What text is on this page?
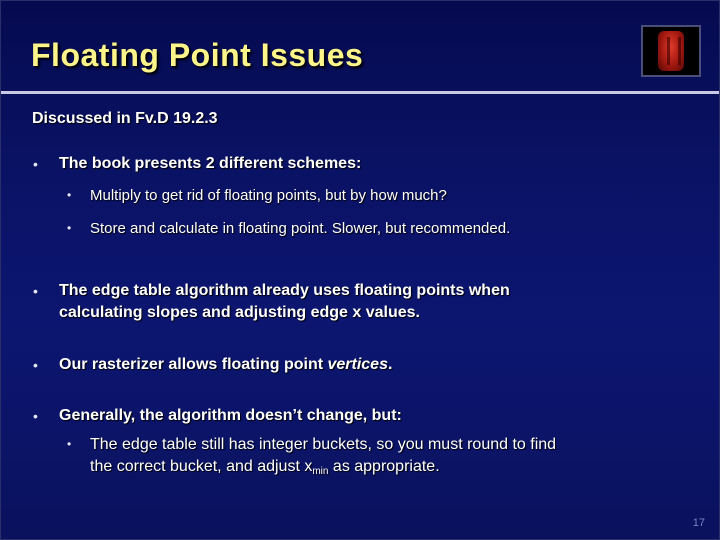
Floating Point Issues
Discussed in Fv.D 19.2.3
• The book presents 2 different schemes:
• Multiply to get rid of floating points, but by how much?
• Store and calculate in floating point. Slower, but recommended.
• The edge table algorithm already uses floating points when
calculating slopes and adjusting edge x values.
• Our rasterizer allows floating point vertices.
• Generally, the algorithm doesn’t change, but:
• The edge table still has integer buckets, so you must round to find
the correct bucket, and adjust $x_{min}$ as appropriate.
17
